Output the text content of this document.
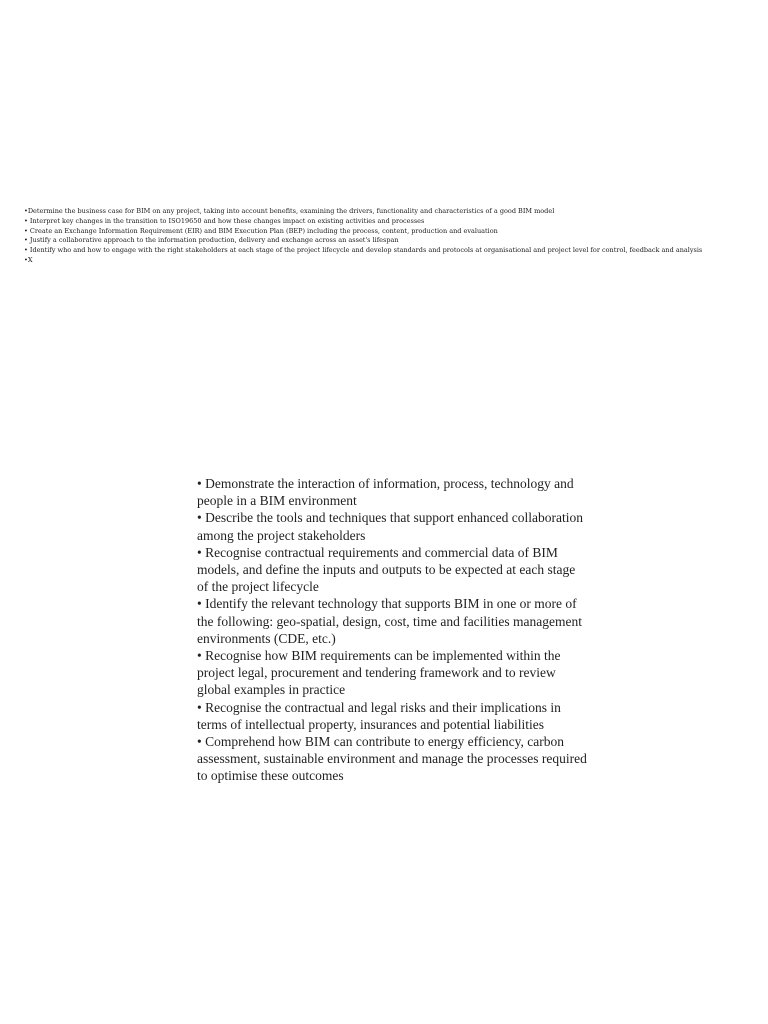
•Determine the business case for BIM on any project, taking into account benefits, examining the drivers, functionality and characteristics of a good BIM model
• Interpret key changes in the transition to ISO19650 and how these changes impact on existing activities and processes
• Create an Exchange Information Requirement (EIR) and BIM Execution Plan (BEP) including the process, content, production and evaluation
• Justify a collaborative approach to the information production, delivery and exchange across an asset's lifespan
• Identify who and how to engage with the right stakeholders at each stage of the project lifecycle and develop standards and protocols at organisational and project level for control, feedback and analysis
•X
• Demonstrate the interaction of information, process, technology and people in a BIM environment
• Describe the tools and techniques that support enhanced collaboration among the project stakeholders
• Recognise contractual requirements and commercial data of BIM models, and define the inputs and outputs to be expected at each stage of the project lifecycle
• Identify the relevant technology that supports BIM in one or more of the following: geo-spatial, design, cost, time and facilities management environments (CDE, etc.)
• Recognise how BIM requirements can be implemented within the project legal, procurement and tendering framework and to review global examples in practice
• Recognise the contractual and legal risks and their implications in terms of intellectual property, insurances and potential liabilities
• Comprehend how BIM can contribute to energy efficiency, carbon assessment, sustainable environment and manage the processes required to optimise these outcomes
